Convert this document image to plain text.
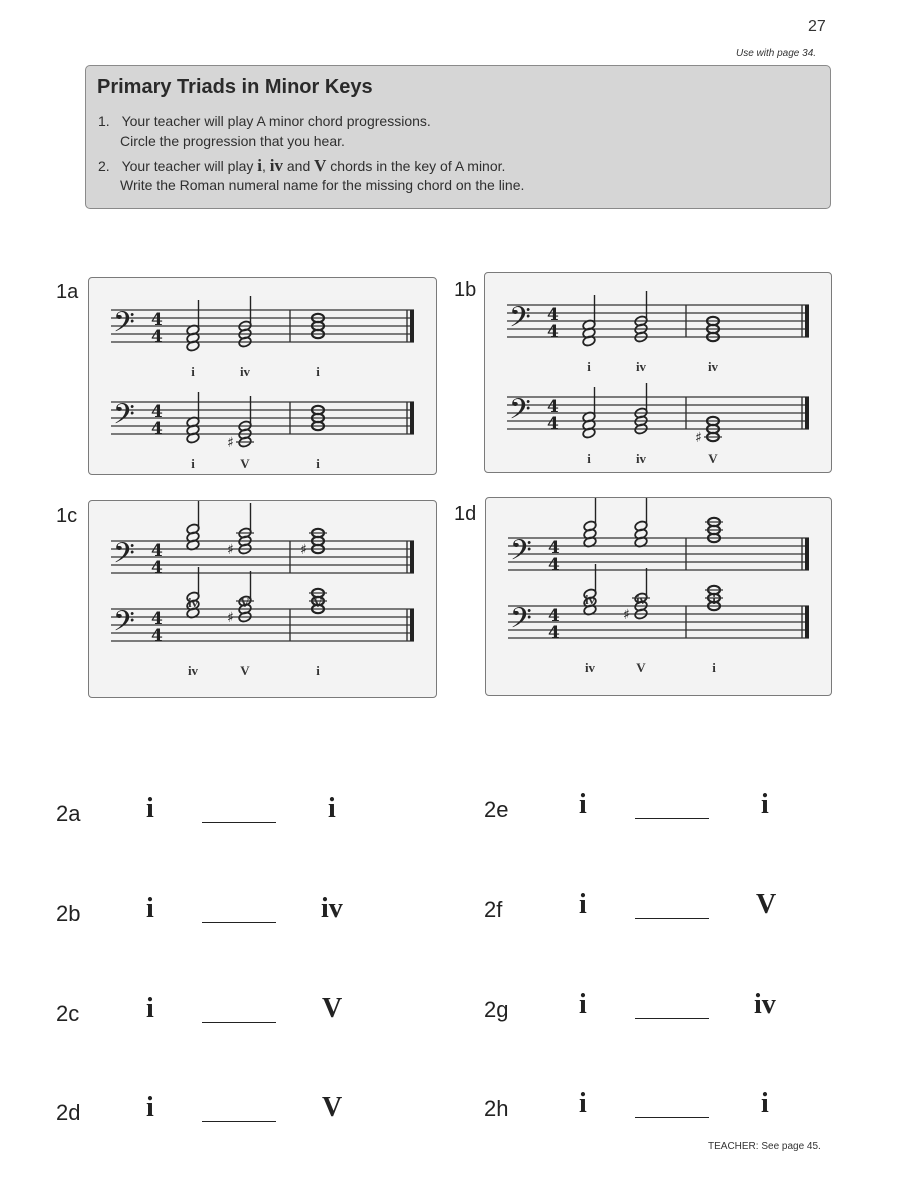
27
Use with page 34.
Primary Triads in Minor Keys
1. Your teacher will play A minor chord progressions.
Circle the progression that you hear.
2. Your teacher will play i, iv and V chords in the key of A minor.
Write the Roman numeral name for the missing chord on the line.
1a	1b
1c	1d
𝄢 4
4
i	iv	i
𝄢 4
4
i
♯
V	i
𝄢 4
4
i	iv	iv
𝄢 4
4
i	iv
♯
V
𝄢 4
4
iv
♯
V
♯
V
𝄢 4
4
iv
♯
V	i
𝄢 4
4
iv	iv	i
𝄢 4
4
iv
♯
V	i
2a i	i
2b i	iv
2c i	V
2d i	V
2e	i	i
2f	i	V
2g	i	iv
2h	i	i
TEACHER: See page 45.
